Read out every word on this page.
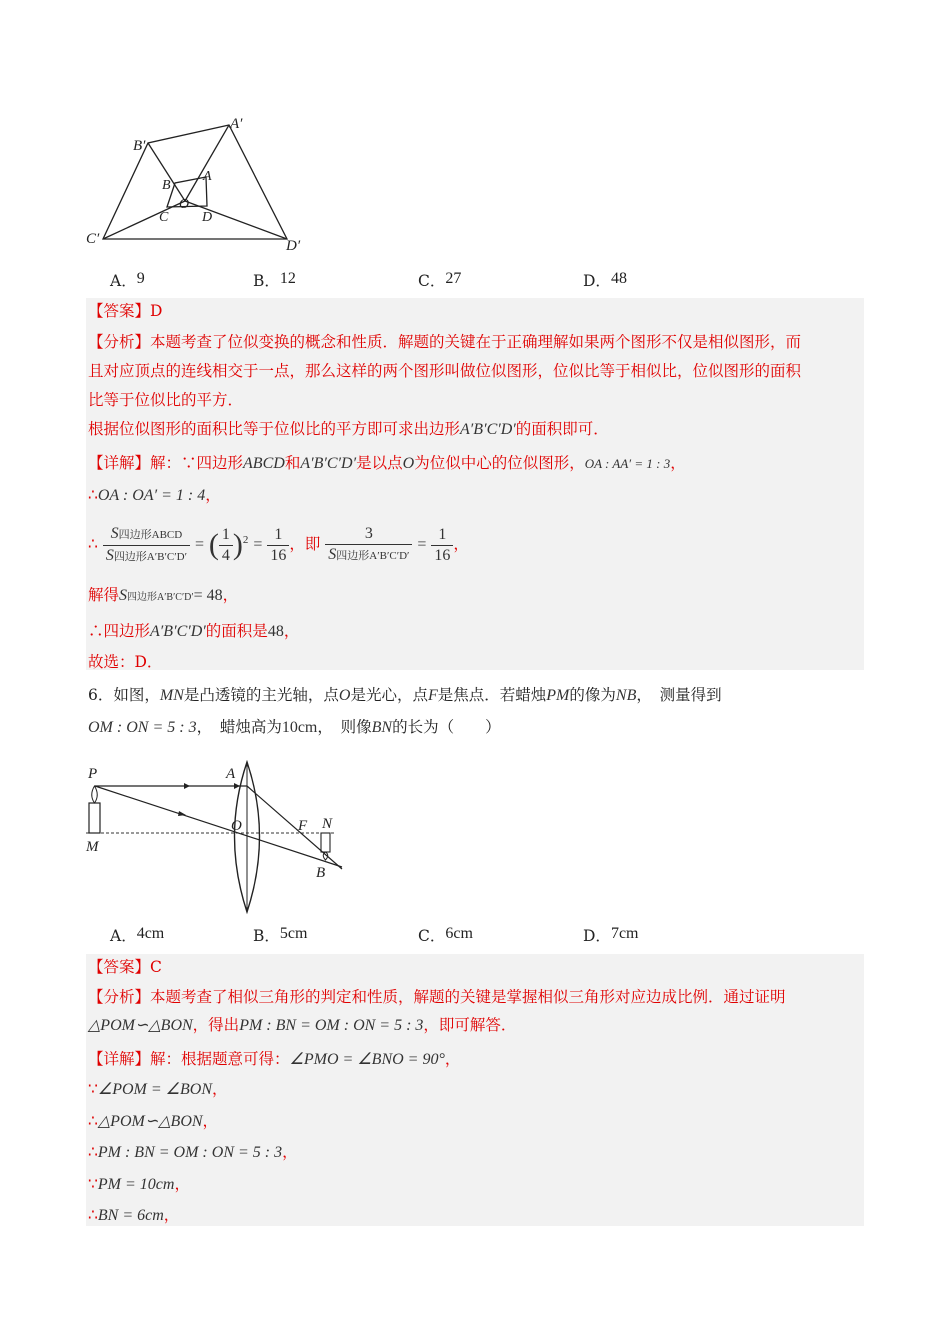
A′
B′
C′	D′
A
B
C D
O
A．9	B．12	C．27	D．48
【答案】D
【分析】本题考查了位似变换的概念和性质．解题的关键在于正确理解如果两个图形不仅是相似图形，而
且对应顶点的连线相交于一点，那么这样的两个图形叫做位似图形，位似比等于相似比，位似图形的面积
比等于位似比的平方．
根据位似图形的面积比等于位似比的平方即可求出边形A′B′C′D′的面积即可．
【详解】解：∵四边形ABCD和A′B′C′D′是以点O为位似中心的位似图形，OA : AA′ = 1 : 3，
∴OA : OA′ = 1 : 4，
∴ $\frac{\text{S四边形ABCD}}{\text{S四边形A′B′C′D′}}$ = ( $\frac{1}{4} )^2 = \frac{1}{16}$ ，即 $\frac{3}{\text{S四边形A′B′C′D′}} = \frac{1}{16}$ ，
解得S四边形A′B′C′D′= 48，
∴四边形A′B′C′D′的面积是48，
故选：D．
6．如图，MN是凸透镜的主光轴，点O是光心，点F是焦点．若蜡烛PM的像为NB，　测量得到
OM : ON = 5 : 3，　蜡烛高为10cm，　则像BN的长为（　　）
P
M
A
O	F N
B
A．4cm	B．5cm	C．6cm	D．7cm
【答案】C
【分析】本题考查了相似三角形的判定和性质，解题的关键是掌握相似三角形对应边成比例．通过证明
△POM∽△BON，得出PM : BN = OM : ON = 5 : 3，即可解答．
【详解】解：根据题意可得：∠PMO = ∠BNO = 90°，
∵∠POM = ∠BON，
∴△POM∽△BON，
∴PM : BN = OM : ON = 5 : 3，
∵PM = 10cm，
∴BN = 6cm，
